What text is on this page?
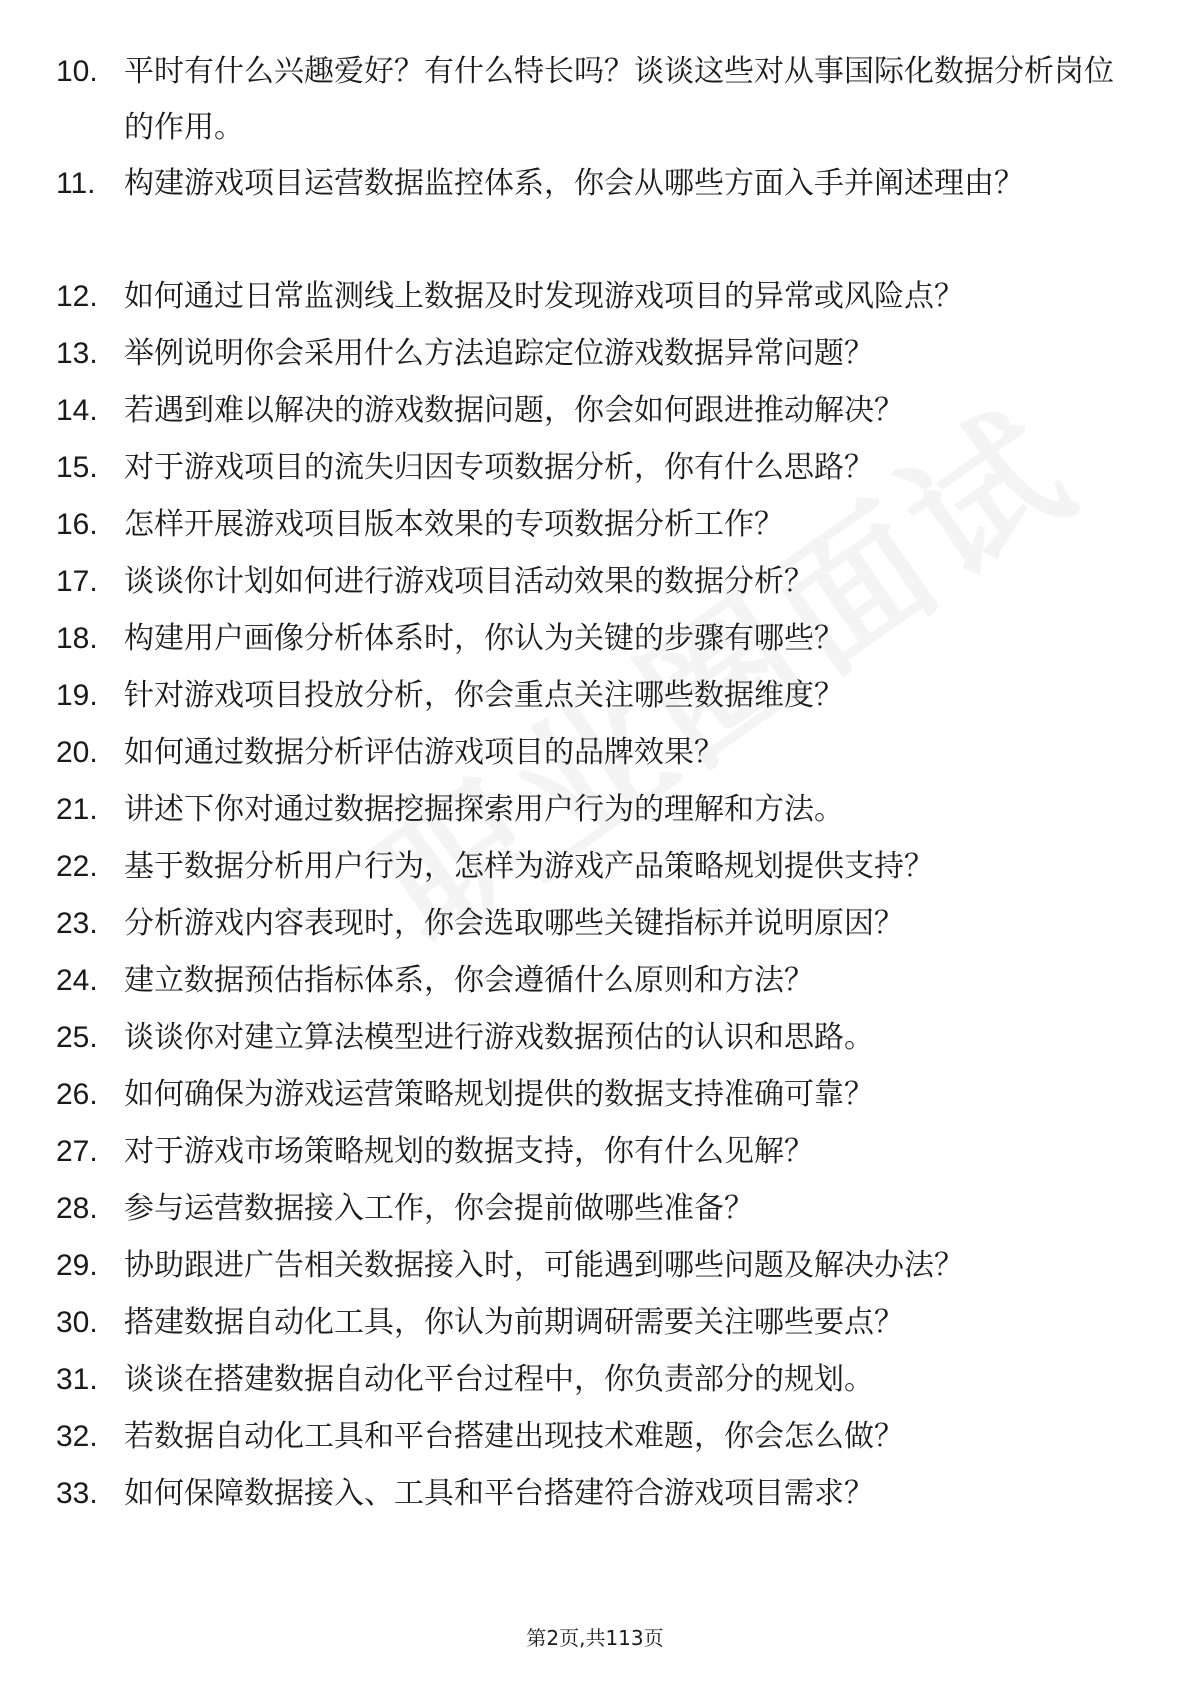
10. 平时有什么兴趣爱好？有什么特长吗？谈谈这些对从事国际化数据分析岗位的作用。
11. 构建游戏项目运营数据监控体系，你会从哪些方面入手并阐述理由？
12. 如何通过日常监测线上数据及时发现游戏项目的异常或风险点？
13. 举例说明你会采用什么方法追踪定位游戏数据异常问题？
14. 若遇到难以解决的游戏数据问题，你会如何跟进推动解决？
15. 对于游戏项目的流失归因专项数据分析，你有什么思路？
16. 怎样开展游戏项目版本效果的专项数据分析工作？
17. 谈谈你计划如何进行游戏项目活动效果的数据分析？
18. 构建用户画像分析体系时，你认为关键的步骤有哪些？
19. 针对游戏项目投放分析，你会重点关注哪些数据维度？
20. 如何通过数据分析评估游戏项目的品牌效果？
21. 讲述下你对通过数据挖掘探索用户行为的理解和方法。
22. 基于数据分析用户行为，怎样为游戏产品策略规划提供支持？
23. 分析游戏内容表现时，你会选取哪些关键指标并说明原因？
24. 建立数据预估指标体系，你会遵循什么原则和方法？
25. 谈谈你对建立算法模型进行游戏数据预估的认识和思路。
26. 如何确保为游戏运营策略规划提供的数据支持准确可靠？
27. 对于游戏市场策略规划的数据支持，你有什么见解？
28. 参与运营数据接入工作，你会提前做哪些准备？
29. 协助跟进广告相关数据接入时，可能遇到哪些问题及解决办法？
30. 搭建数据自动化工具，你认为前期调研需要关注哪些要点？
31. 谈谈在搭建数据自动化平台过程中，你负责部分的规划。
32. 若数据自动化工具和平台搭建出现技术难题，你会怎么做？
33. 如何保障数据接入、工具和平台搭建符合游戏项目需求？
第2页,共113页
